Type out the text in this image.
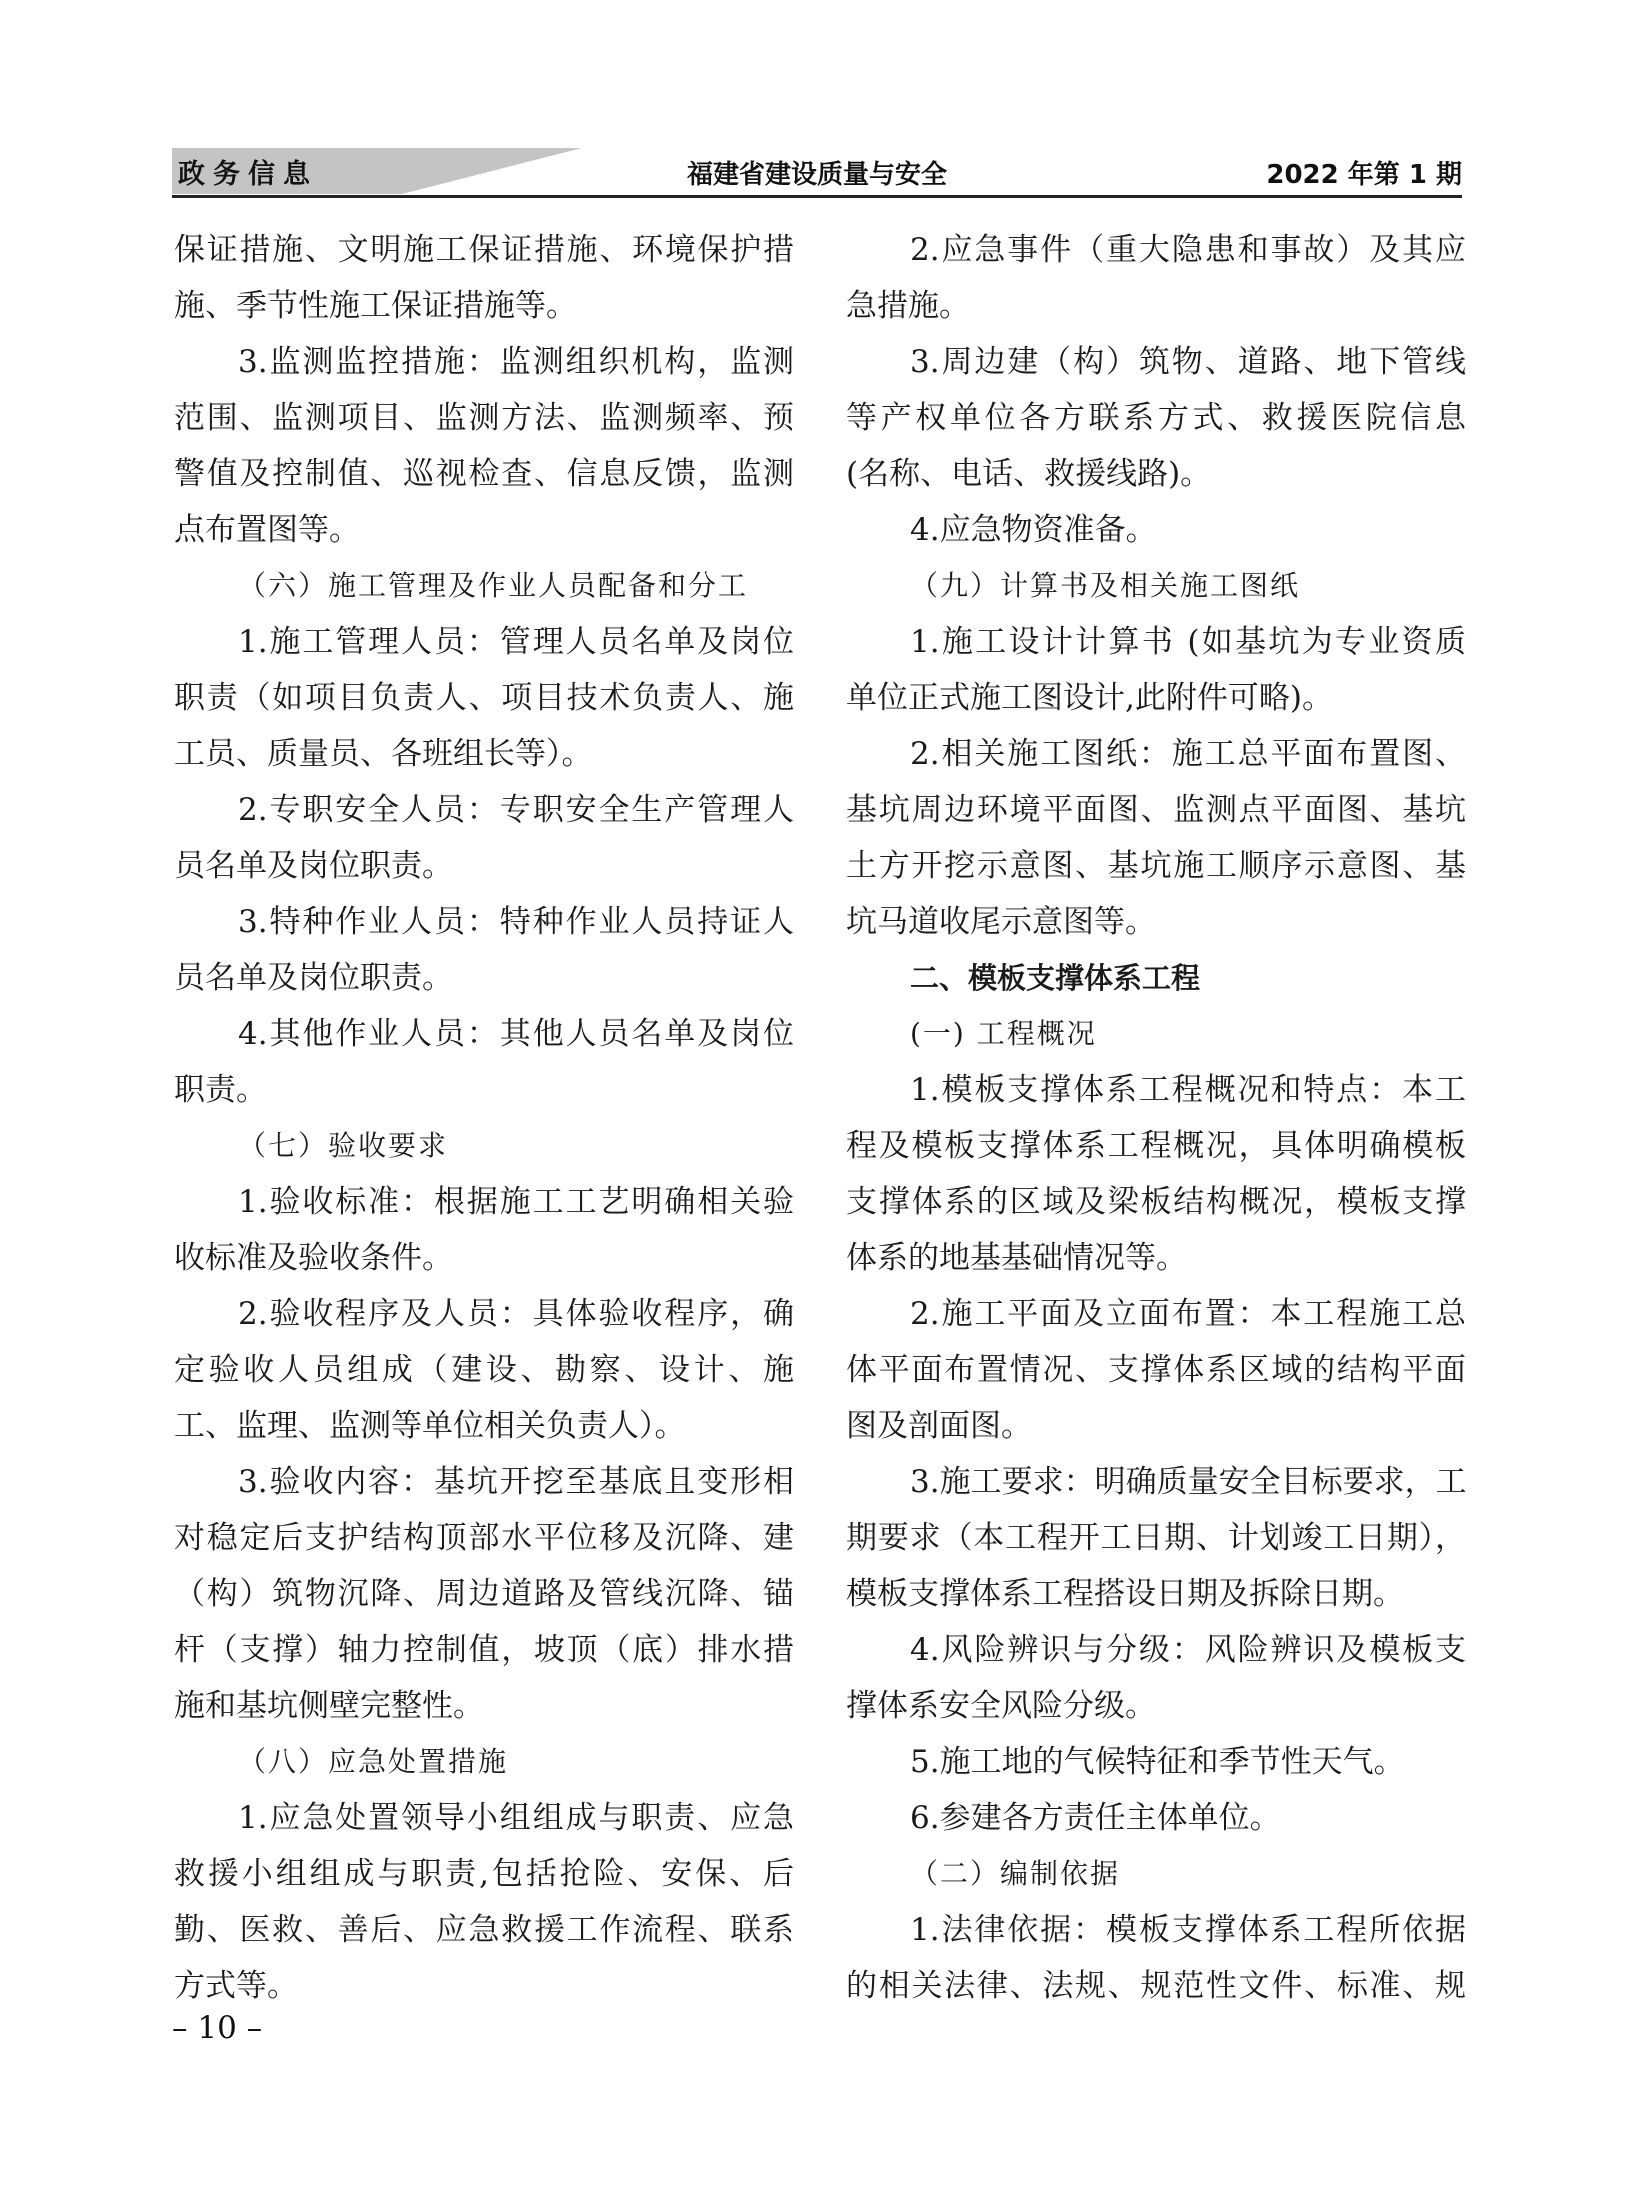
政务信息	福建省建设质量与安全	2022 年第 1 期
保证措施、文明施工保证措施、环境保护措
施、季节性施工保证措施等。
3.监测监控措施：监测组织机构，监测
范围、监测项目、监测方法、监测频率、预
警值及控制值、巡视检查、信息反馈，监测
点布置图等。
（六）施工管理及作业人员配备和分工
1.施工管理人员：管理人员名单及岗位
职责（如项目负责人、项目技术负责人、施
工员、质量员、各班组长等）。
2.专职安全人员：专职安全生产管理人
员名单及岗位职责。
3.特种作业人员：特种作业人员持证人
员名单及岗位职责。
4.其他作业人员：其他人员名单及岗位
职责。
（七）验收要求
1.验收标准：根据施工工艺明确相关验
收标准及验收条件。
2.验收程序及人员：具体验收程序，确
定验收人员组成（建设、勘察、设计、施
工、监理、监测等单位相关负责人）。
3.验收内容：基坑开挖至基底且变形相
对稳定后支护结构顶部水平位移及沉降、建
（构）筑物沉降、周边道路及管线沉降、锚
杆（支撑）轴力控制值，坡顶（底）排水措
施和基坑侧壁完整性。
（八）应急处置措施
1.应急处置领导小组组成与职责、应急
救援小组组成与职责,包括抢险、安保、后
勤、医救、善后、应急救援工作流程、联系
方式等。
2.应急事件（重大隐患和事故）及其应
急措施。
3.周边建（构）筑物、道路、地下管线
等产权单位各方联系方式、救援医院信息
(名称、电话、救援线路)。
4.应急物资准备。
（九）计算书及相关施工图纸
1.施工设计计算书 (如基坑为专业资质
单位正式施工图设计,此附件可略)。
2.相关施工图纸：施工总平面布置图、
基坑周边环境平面图、监测点平面图、基坑
土方开挖示意图、基坑施工顺序示意图、基
坑马道收尾示意图等。
二、模板支撑体系工程
(一) 工程概况
1.模板支撑体系工程概况和特点：本工
程及模板支撑体系工程概况，具体明确模板
支撑体系的区域及梁板结构概况，模板支撑
体系的地基基础情况等。
2.施工平面及立面布置：本工程施工总
体平面布置情况、支撑体系区域的结构平面
图及剖面图。
3.施工要求：明确质量安全目标要求，工
期要求（本工程开工日期、计划竣工日期），
模板支撑体系工程搭设日期及拆除日期。
4.风险辨识与分级：风险辨识及模板支
撑体系安全风险分级。
5.施工地的气候特征和季节性天气。
6.参建各方责任主体单位。
（二）编制依据
1.法律依据：模板支撑体系工程所依据
的相关法律、法规、规范性文件、标准、规
– 10 –
